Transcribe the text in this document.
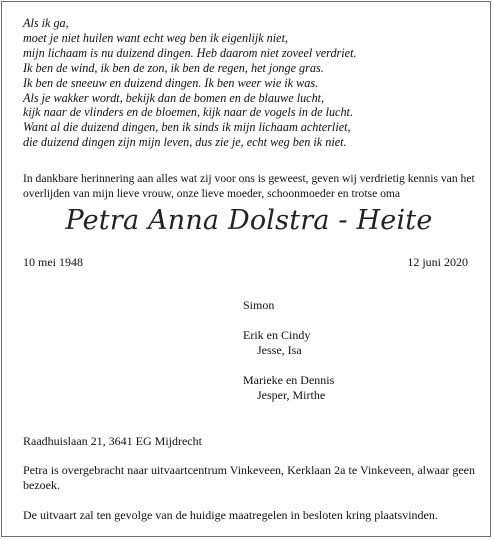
Als ik ga,
moet je niet huilen want echt weg ben ik eigenlijk niet,
mijn lichaam is nu duizend dingen. Heb daarom niet zoveel verdriet.
Ik ben de wind, ik ben de zon, ik ben de regen, het jonge gras.
Ik ben de sneeuw en duizend dingen. Ik ben weer wie ik was.
Als je wakker wordt, bekijk dan de bomen en de blauwe lucht,
kijk naar de vlinders en de bloemen, kijk naar de vogels in de lucht.
Want al die duizend dingen, ben ik sinds ik mijn lichaam achterliet,
die duizend dingen zijn mijn leven, dus zie je, echt weg ben ik niet.
In dankbare herinnering aan alles wat zij voor ons is geweest, geven wij verdrietig kennis van het overlijden van mijn lieve vrouw, onze lieve moeder, schoonmoeder en trotse oma
Petra Anna Dolstra - Heite
10 mei 1948	12 juni 2020
Simon
Erik en Cindy
Jesse, Isa
Marieke en Dennis
Jesper, Mirthe
Raadhuislaan 21, 3641 EG Mijdrecht
Petra is overgebracht naar uitvaartcentrum Vinkeveen, Kerklaan 2a te Vinkeveen, alwaar geen bezoek.
De uitvaart zal ten gevolge van de huidige maatregelen in besloten kring plaatsvinden.
